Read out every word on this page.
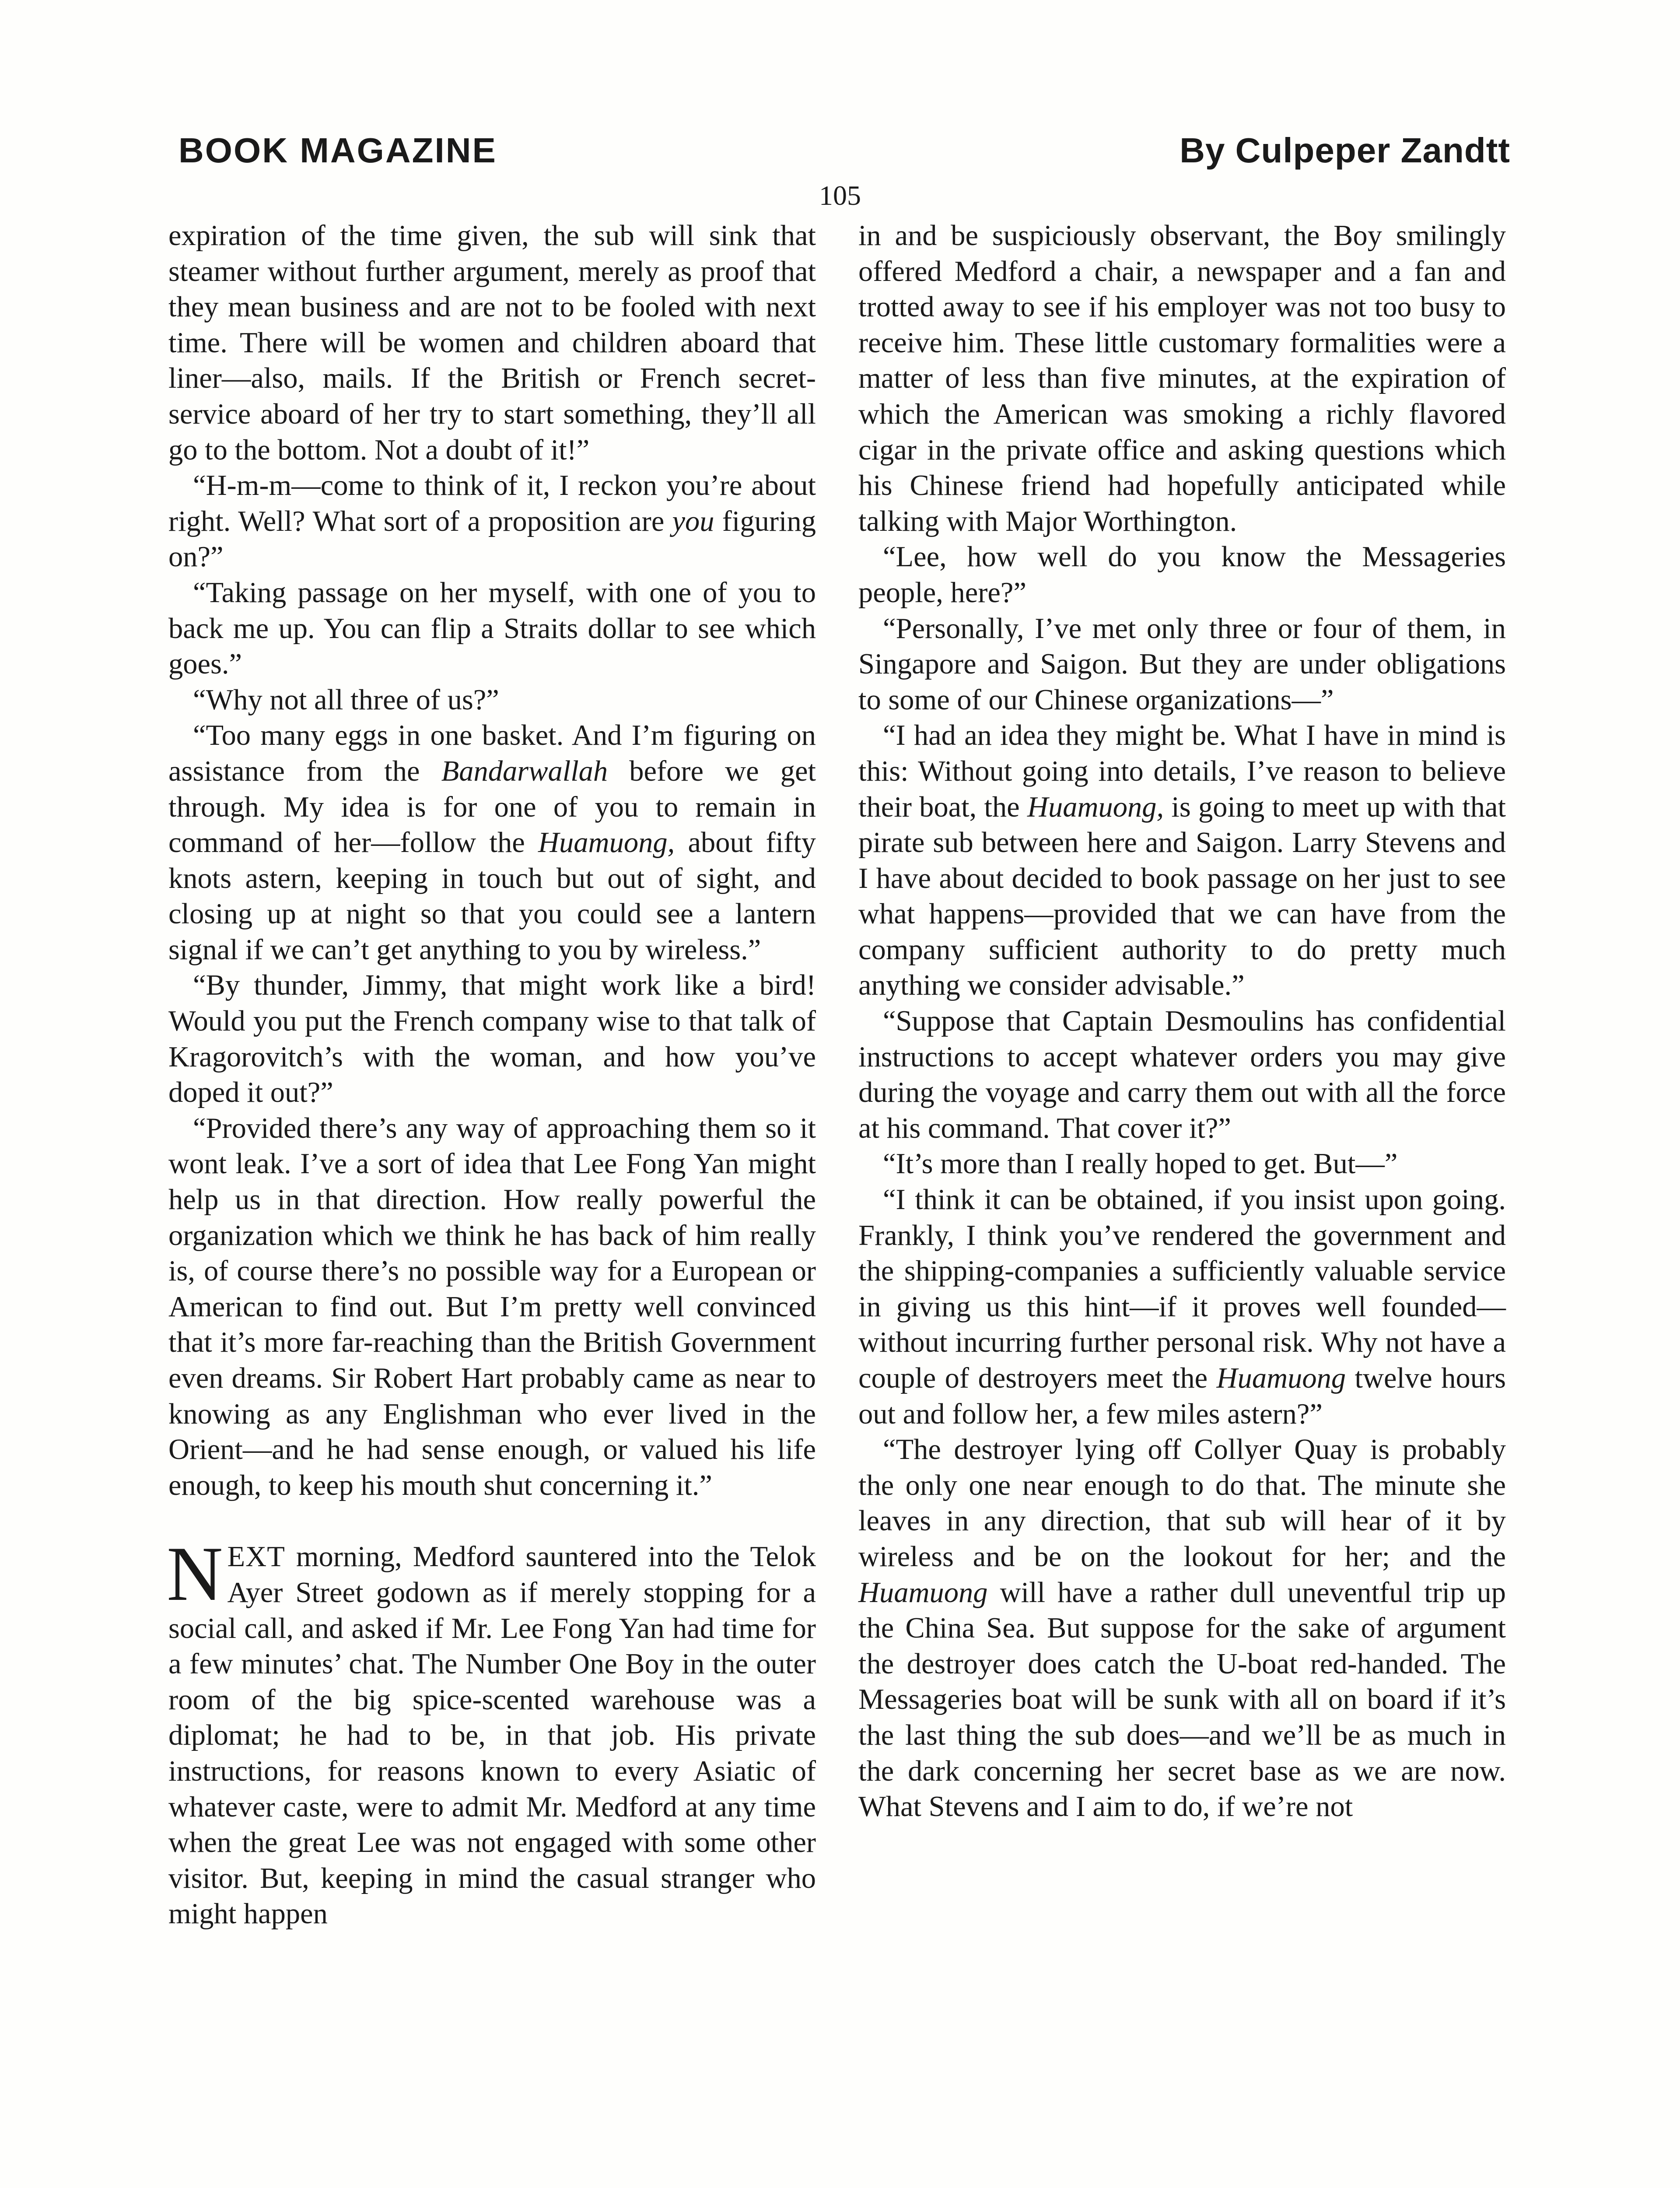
BOOK MAGAZINE	By Culpeper Zandtt
105

expiration of the time given, the sub will sink that steamer without further argument, merely as proof that they mean business and are not to be fooled with next time. There will be women and children aboard that liner—also, mails. If the British or French secret-service aboard of her try to start something, they’ll all go to the bottom. Not a doubt of it!”

“H-m-m—come to think of it, I reckon you’re about right. Well? What sort of a proposition are you figuring on?”

“Taking passage on her myself, with one of you to back me up. You can flip a Straits dollar to see which goes.”

“Why not all three of us?”

“Too many eggs in one basket. And I’m figuring on assistance from the Bandarwallah before we get through. My idea is for one of you to remain in command of her—follow the Huamuong, about fifty knots astern, keeping in touch but out of sight, and closing up at night so that you could see a lantern signal if we can’t get anything to you by wireless.”

“By thunder, Jimmy, that might work like a bird! Would you put the French company wise to that talk of Kragorovitch’s with the woman, and how you’ve doped it out?”

“Provided there’s any way of approaching them so it wont leak. I’ve a sort of idea that Lee Fong Yan might help us in that direction. How really powerful the organization which we think he has back of him really is, of course there’s no possible way for a European or American to find out. But I’m pretty well convinced that it’s more far-reaching than the British Government even dreams. Sir Robert Hart probably came as near to knowing as any Englishman who ever lived in the Orient—and he had sense enough, or valued his life enough, to keep his mouth shut concerning it.”

NEXT morning, Medford sauntered into the Telok Ayer Street godown as if merely stopping for a social call, and asked if Mr. Lee Fong Yan had time for a few minutes’ chat. The Number One Boy in the outer room of the big spice-scented warehouse was a diplomat; he had to be, in that job. His private instructions, for reasons known to every Asiatic of whatever caste, were to admit Mr. Medford at any time when the great Lee was not engaged with some other visitor. But, keeping in mind the casual stranger who might happen

in and be suspiciously observant, the Boy smilingly offered Medford a chair, a newspaper and a fan and trotted away to see if his employer was not too busy to receive him. These little customary formalities were a matter of less than five minutes, at the expiration of which the American was smoking a richly flavored cigar in the private office and asking questions which his Chinese friend had hopefully anticipated while talking with Major Worthington.

“Lee, how well do you know the Messageries people, here?”

“Personally, I’ve met only three or four of them, in Singapore and Saigon. But they are under obligations to some of our Chinese organizations—”

“I had an idea they might be. What I have in mind is this: Without going into details, I’ve reason to believe their boat, the Huamuong, is going to meet up with that pirate sub between here and Saigon. Larry Stevens and I have about decided to book passage on her just to see what happens—provided that we can have from the company sufficient authority to do pretty much anything we consider advisable.”

“Suppose that Captain Desmoulins has confidential instructions to accept whatever orders you may give during the voyage and carry them out with all the force at his command. That cover it?”

“It’s more than I really hoped to get. But—”

“I think it can be obtained, if you insist upon going. Frankly, I think you’ve rendered the government and the shipping-companies a sufficiently valuable service in giving us this hint—if it proves well founded—without incurring further personal risk. Why not have a couple of destroyers meet the Huamuong twelve hours out and follow her, a few miles astern?”

“The destroyer lying off Collyer Quay is probably the only one near enough to do that. The minute she leaves in any direction, that sub will hear of it by wireless and be on the lookout for her; and the Huamuong will have a rather dull uneventful trip up the China Sea. But suppose for the sake of argument the destroyer does catch the U-boat red-handed. The Messageries boat will be sunk with all on board if it’s the last thing the sub does—and we’ll be as much in the dark concerning her secret base as we are now. What Stevens and I aim to do, if we’re not
